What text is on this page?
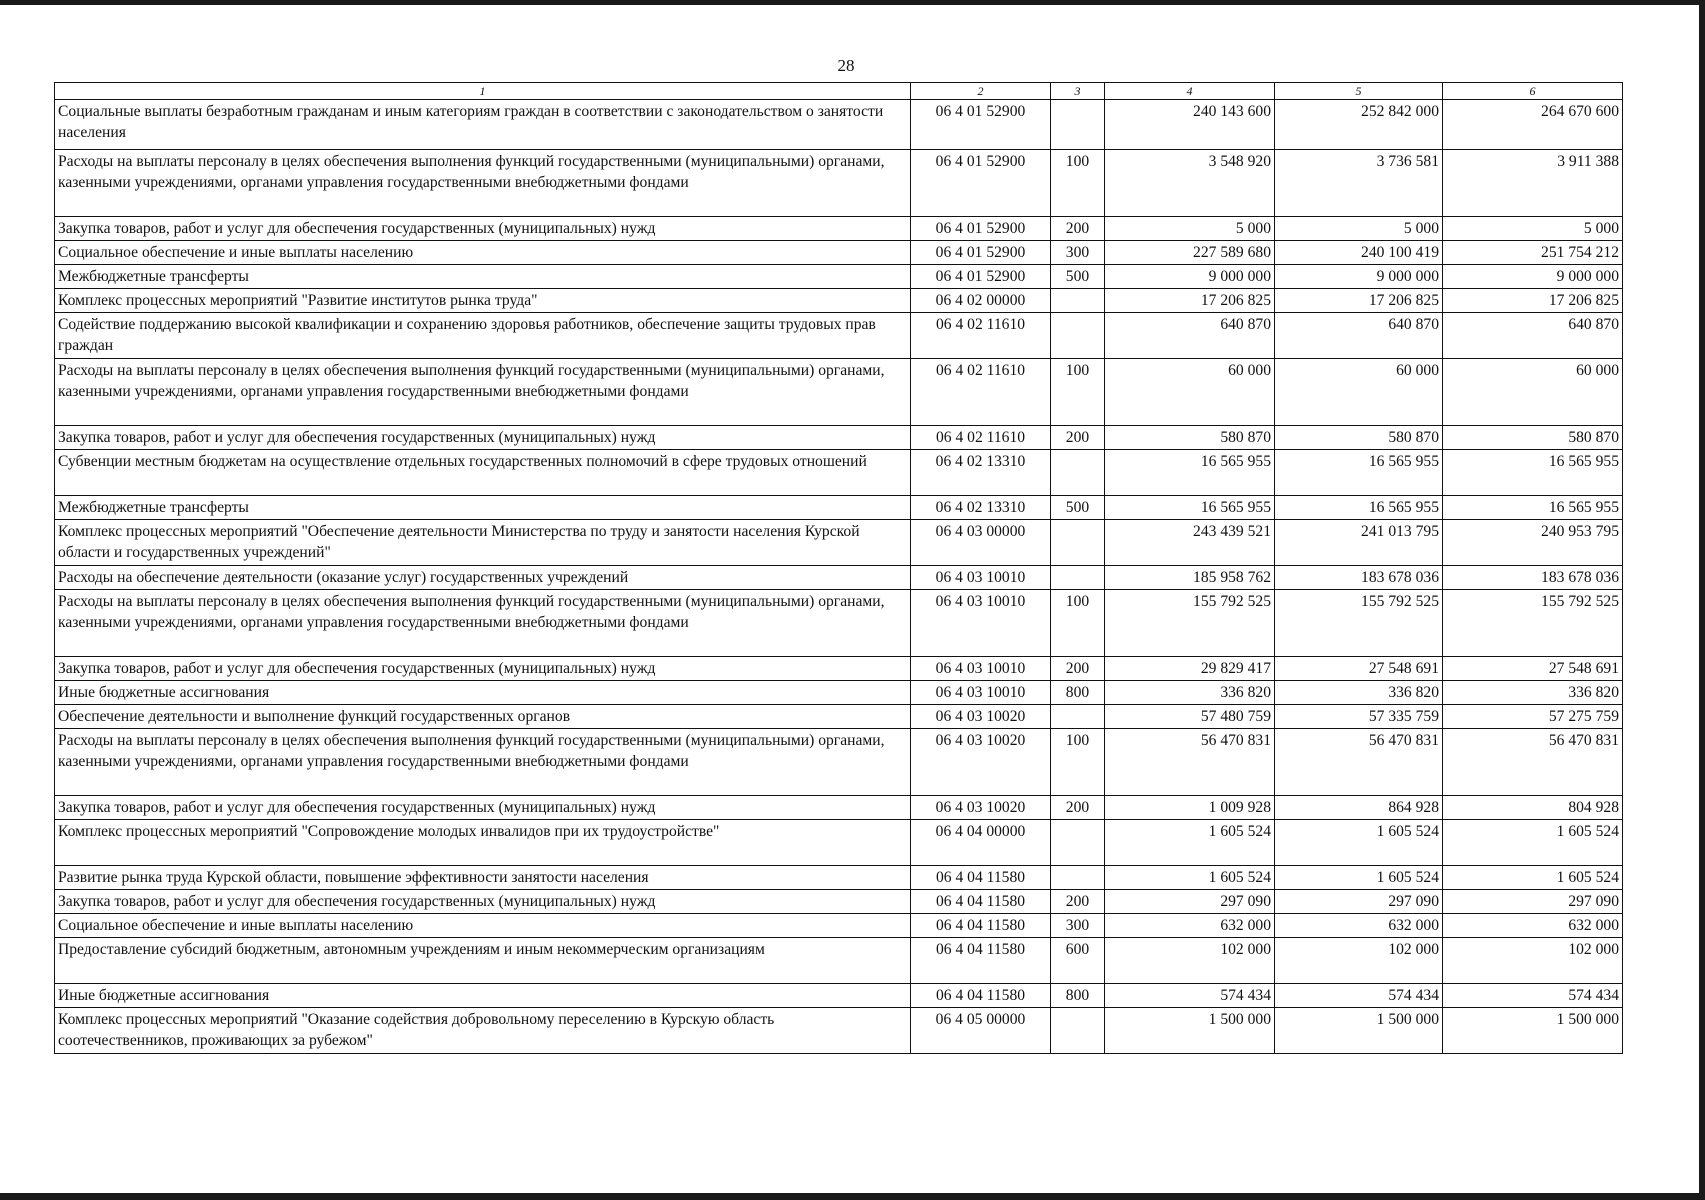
28
1	2	3	4	5	6
Социальные выплаты безработным гражданам и иным категориям граждан в соответствии с законодательством о занятости населения	06 4 01 52900		240 143 600	252 842 000	264 670 600
Расходы на выплаты персоналу в целях обеспечения выполнения функций государственными (муниципальными) органами, казенными учреждениями, органами управления государственными внебюджетными фондами	06 4 01 52900	100	3 548 920	3 736 581	3 911 388
Закупка товаров, работ и услуг для обеспечения государственных (муниципальных) нужд	06 4 01 52900	200	5 000	5 000	5 000
Социальное обеспечение и иные выплаты населению	06 4 01 52900	300	227 589 680	240 100 419	251 754 212
Межбюджетные трансферты	06 4 01 52900	500	9 000 000	9 000 000	9 000 000
Комплекс процессных мероприятий "Развитие институтов рынка труда"	06 4 02 00000		17 206 825	17 206 825	17 206 825
Содействие поддержанию высокой квалификации и сохранению здоровья работников, обеспечение защиты трудовых прав граждан	06 4 02 11610		640 870	640 870	640 870
Расходы на выплаты персоналу в целях обеспечения выполнения функций государственными (муниципальными) органами, казенными учреждениями, органами управления государственными внебюджетными фондами	06 4 02 11610	100	60 000	60 000	60 000
Закупка товаров, работ и услуг для обеспечения государственных (муниципальных) нужд	06 4 02 11610	200	580 870	580 870	580 870
Субвенции местным бюджетам на осуществление отдельных государственных полномочий в сфере трудовых отношений	06 4 02 13310		16 565 955	16 565 955	16 565 955
Межбюджетные трансферты	06 4 02 13310	500	16 565 955	16 565 955	16 565 955
Комплекс процессных мероприятий "Обеспечение деятельности Министерства по труду и занятости населения Курской области и государственных учреждений"	06 4 03 00000		243 439 521	241 013 795	240 953 795
Расходы на обеспечение деятельности (оказание услуг) государственных учреждений	06 4 03 10010		185 958 762	183 678 036	183 678 036
Расходы на выплаты персоналу в целях обеспечения выполнения функций государственными (муниципальными) органами, казенными учреждениями, органами управления государственными внебюджетными фондами	06 4 03 10010	100	155 792 525	155 792 525	155 792 525
Закупка товаров, работ и услуг для обеспечения государственных (муниципальных) нужд	06 4 03 10010	200	29 829 417	27 548 691	27 548 691
Иные бюджетные ассигнования	06 4 03 10010	800	336 820	336 820	336 820
Обеспечение деятельности и выполнение функций государственных органов	06 4 03 10020		57 480 759	57 335 759	57 275 759
Расходы на выплаты персоналу в целях обеспечения выполнения функций государственными (муниципальными) органами, казенными учреждениями, органами управления государственными внебюджетными фондами	06 4 03 10020	100	56 470 831	56 470 831	56 470 831
Закупка товаров, работ и услуг для обеспечения государственных (муниципальных) нужд	06 4 03 10020	200	1 009 928	864 928	804 928
Комплекс процессных мероприятий "Сопровождение молодых инвалидов при их трудоустройстве"	06 4 04 00000		1 605 524	1 605 524	1 605 524
Развитие рынка труда Курской области, повышение эффективности занятости населения	06 4 04 11580		1 605 524	1 605 524	1 605 524
Закупка товаров, работ и услуг для обеспечения государственных (муниципальных) нужд	06 4 04 11580	200	297 090	297 090	297 090
Социальное обеспечение и иные выплаты населению	06 4 04 11580	300	632 000	632 000	632 000
Предоставление субсидий бюджетным, автономным учреждениям и иным некоммерческим организациям	06 4 04 11580	600	102 000	102 000	102 000
Иные бюджетные ассигнования	06 4 04 11580	800	574 434	574 434	574 434
Комплекс процессных мероприятий "Оказание содействия добровольному переселению в Курскую область соотечественников, проживающих за рубежом"	06 4 05 00000		1 500 000	1 500 000	1 500 000
